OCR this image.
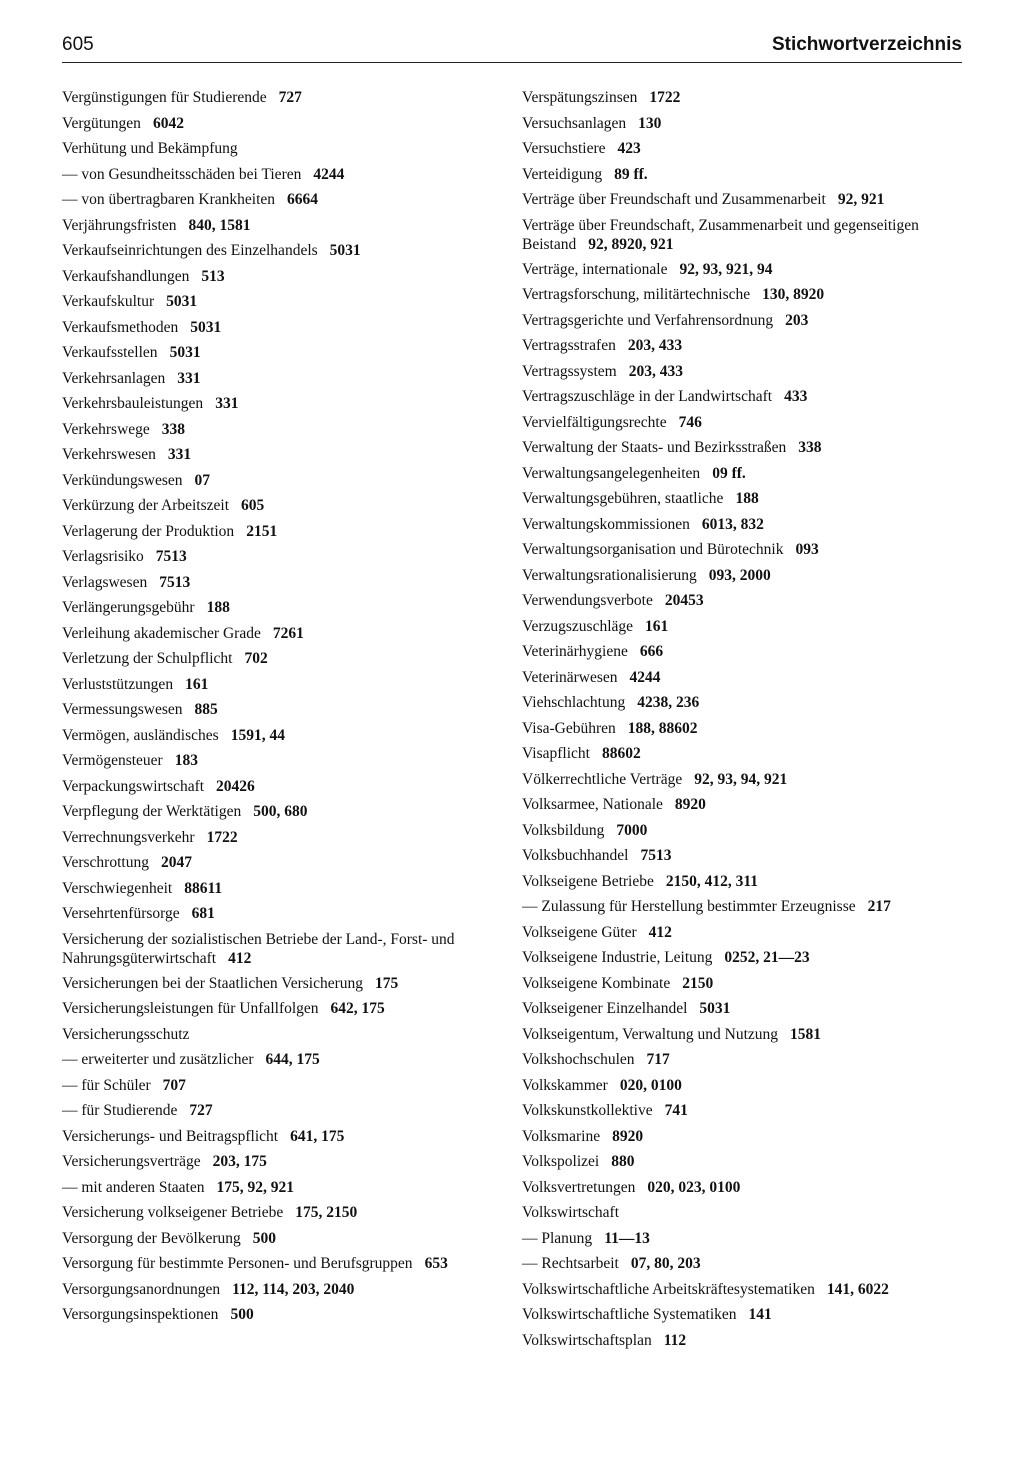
605	Stichwortverzeichnis
Vergünstigungen für Studierende 727
Vergütungen 6042
Verhütung und Bekämpfung
— von Gesundheitsschäden bei Tieren 4244
— von übertragbaren Krankheiten 6664
Verjährungsfristen 840, 1581
Verkaufseinrichtungen des Einzelhandels 5031
Verkaufshandlungen 513
Verkaufskultur 5031
Verkaufsmethoden 5031
Verkaufsstellen 5031
Verkehrsanlagen 331
Verkehrsbauleistungen 331
Verkehrswege 338
Verkehrswesen 331
Verkündungswesen 07
Verkürzung der Arbeitszeit 605
Verlagerung der Produktion 2151
Verlagsrisiko 7513
Verlagswesen 7513
Verlängerungsgebühr 188
Verleihung akademischer Grade 7261
Verletzung der Schulpflicht 702
Verluststützungen 161
Vermessungswesen 885
Vermögen, ausländisches 1591, 44
Vermögensteuer 183
Verpackungswirtschaft 20426
Verpflegung der Werktätigen 500, 680
Verrechnungsverkehr 1722
Verschrottung 2047
Verschwiegenheit 88611
Versehrtenfürsorge 681
Versicherung der sozialistischen Betriebe der Land-, Forst- und Nahrungsgüterwirtschaft 412
Versicherungen bei der Staatlichen Versicherung 175
Versicherungsleistungen für Unfallfolgen 642, 175
Versicherungsschutz
— erweiterter und zusätzlicher 644, 175
— für Schüler 707
— für Studierende 727
Versicherungs- und Beitragspflicht 641, 175
Versicherungsverträge 203, 175
— mit anderen Staaten 175, 92, 921
Versicherung volkseigener Betriebe 175, 2150
Versorgung der Bevölkerung 500
Versorgung für bestimmte Personen- und Berufsgruppen 653
Versorgungsanordnungen 112, 114, 203, 2040
Versorgungsinspektionen 500
Verspätungszinsen 1722
Versuchsanlagen 130
Versuchstiere 423
Verteidigung 89 ff.
Verträge über Freundschaft und Zusammenarbeit 92, 921
Verträge über Freundschaft, Zusammenarbeit und gegenseitigen Beistand 92, 8920, 921
Verträge, internationale 92, 93, 921, 94
Vertragsforschung, militärtechnische 130, 8920
Vertragsgerichte und Verfahrensordnung 203
Vertragsstrafen 203, 433
Vertragssystem 203, 433
Vertragszuschläge in der Landwirtschaft 433
Vervielfältigungsrechte 746
Verwaltung der Staats- und Bezirksstraßen 338
Verwaltungsangelegenheiten 09 ff.
Verwaltungsgebühren, staatliche 188
Verwaltungskommissionen 6013, 832
Verwaltungsorganisation und Bürotechnik 093
Verwaltungsrationalisierung 093, 2000
Verwendungsverbote 20453
Verzugszuschläge 161
Veterinärhygiene 666
Veterinärwesen 4244
Viehschlachtung 4238, 236
Visa-Gebühren 188, 88602
Visapflicht 88602
Völkerrechtliche Verträge 92, 93, 94, 921
Volksarmee, Nationale 8920
Volksbildung 7000
Volksbuchhandel 7513
Volkseigene Betriebe 2150, 412, 311
— Zulassung für Herstellung bestimmter Erzeugnisse 217
Volkseigene Güter 412
Volkseigene Industrie, Leitung 0252, 21—23
Volkseigene Kombinate 2150
Volkseigener Einzelhandel 5031
Volkseigentum, Verwaltung und Nutzung 1581
Volkshochschulen 717
Volkskammer 020, 0100
Volkskunstkollektive 741
Volksmarine 8920
Volkspolizei 880
Volksvertretungen 020, 023, 0100
Volkswirtschaft
— Planung 11—13
— Rechtsarbeit 07, 80, 203
Volkswirtschaftliche Arbeitskräftesystematiken 141, 6022
Volkswirtschaftliche Systematiken 141
Volkswirtschaftsplan 112
